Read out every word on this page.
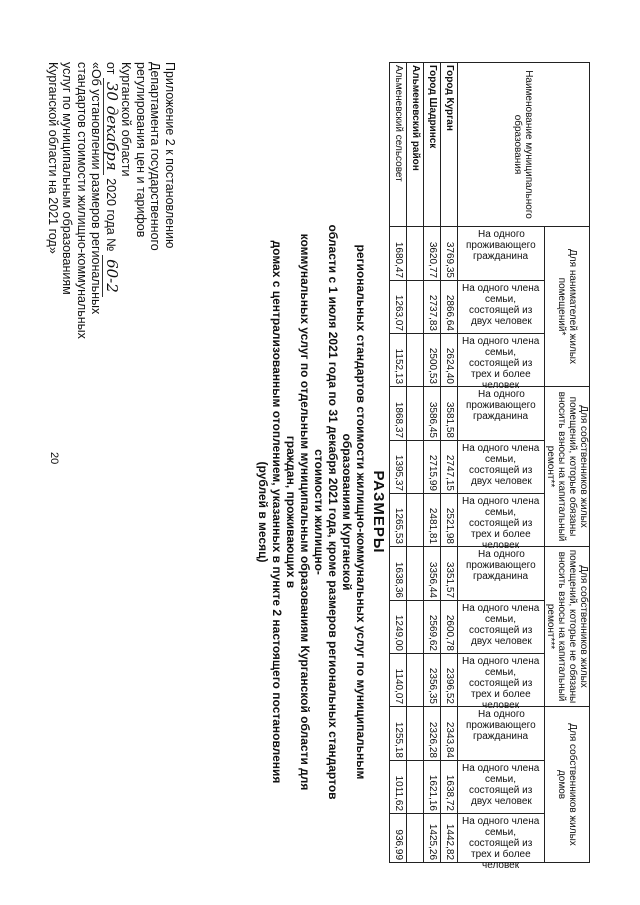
20
Приложение 2 к постановлению
Департамента государственного
регулирования цен и тарифов
Курганской области
от 30 декабря 2020 года № 60-2
«Об установлении размеров региональных
стандартов стоимости жилищно-коммунальных
услуг по муниципальным образованиям
Курганской области на 2021 год»
РАЗМЕРЫ
региональных стандартов стоимости жилищно-коммунальных услуг по муниципальным образованиям Курганской
области с 1 июля 2021 года по 31 декабря 2021 года, кроме размеров региональных стандартов стоимости жилищно-
коммунальных услуг по отдельным муниципальным образованиям Курганской области для граждан, проживающих в
домах с централизованным отоплением, указанных в пункте 2 настоящего постановления
(рублей в месяц)
Наименование муниципального образования	Для нанимателей жилых помещений*			Для собственников жилых помещений, которые обязаны вносить взносы на капитальный ремонт**			Для собственников жилых помещений, которые не обязаны вносить взносы на капитальный ремонт***			Для собственников жилых домов		

	На одного проживающего гражданина	На одного члена семьи, состоящей из двух человек	На одного члена семьи, состоящей из трех и более человек	На одного проживающего гражданина	На одного члена семьи, состоящей из двух человек	На одного члена семьи, состоящей из трех и более человек	На одного проживающего гражданина	На одного члена семьи, состоящей из двух человек	На одного члена семьи, состоящей из трех и более человек	На одного проживающего гражданина	На одного члена семьи, состоящей из двух человек	На одного члена семьи, состоящей из трех и более человек

Город Курган	3769,35	2866,64	2624,40	3581,58	2747,15	2521,98	3351,57	2600,78	2396,52	2343,84	1638,72	1442,82
Город Шадринск	3620,77	2737,83	2500,53	3586,45	2715,99	2481,81	3356,44	2569,62	2356,35	2326,28	1621,16	1425,26
Альменевский район												
Альменевский сельсовет	1680,47	1263,07	1152,13	1868,37	1395,37	1265,53	1638,36	1249,00	1140,07	1255,18	1011,62	936,99
